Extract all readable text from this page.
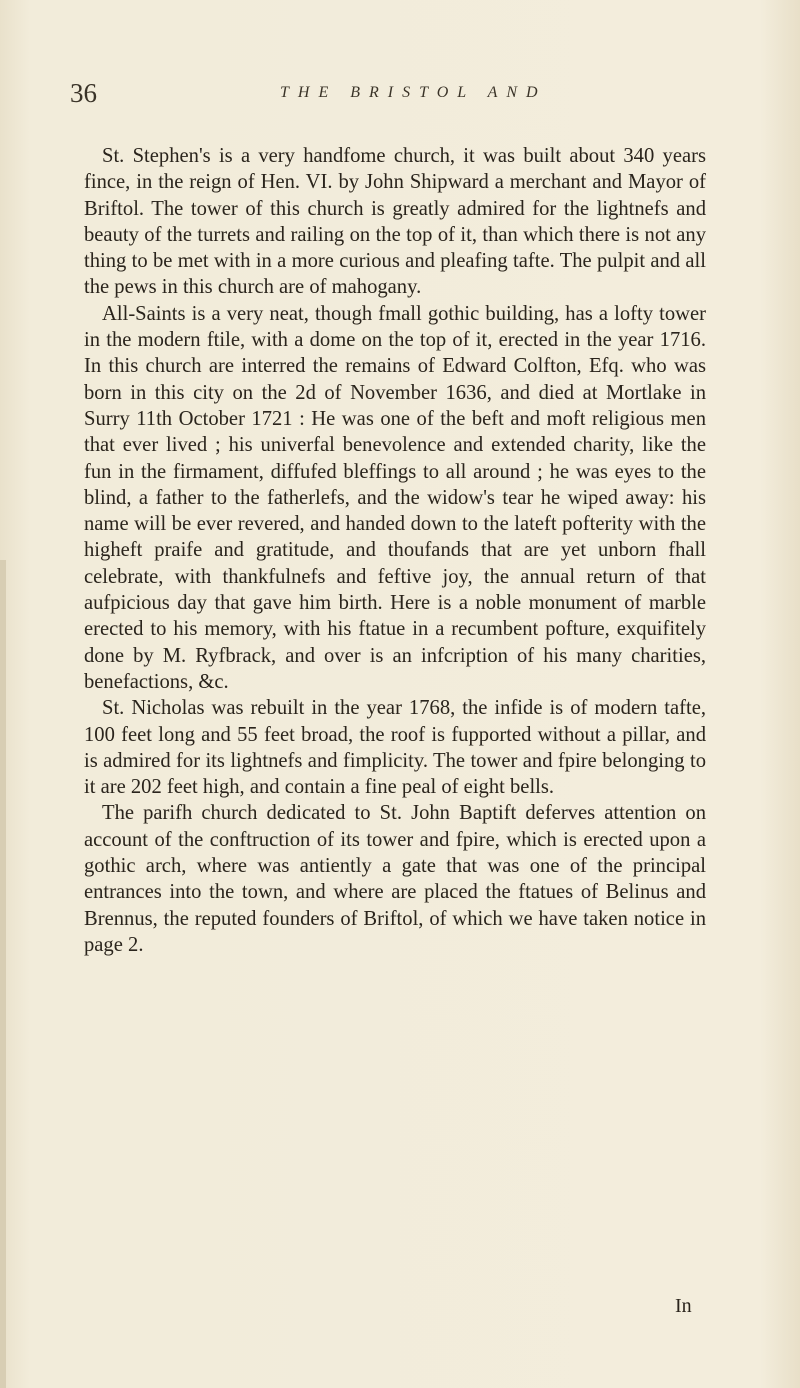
36	THE BRISTOL AND

St. Stephen's is a very handfome church, it was built about 340 years fince, in the reign of Hen. VI. by John Shipward a merchant and Mayor of Briftol. The tower of this church is greatly admired for the lightnefs and beauty of the turrets and railing on the top of it, than which there is not any thing to be met with in a more curious and pleafing tafte. The pulpit and all the pews in this church are of mahogany.

All-Saints is a very neat, though fmall gothic building, has a lofty tower in the modern ftile, with a dome on the top of it, erected in the year 1716. In this church are interred the remains of Edward Colfton, Efq. who was born in this city on the 2d of November 1636, and died at Mortlake in Surry 11th October 1721 : He was one of the beft and moft religious men that ever lived ; his univerfal benevolence and extended charity, like the fun in the firmament, diffufed bleffings to all around ; he was eyes to the blind, a father to the fatherlefs, and the widow's tear he wiped away: his name will be ever revered, and handed down to the lateft pofterity with the higheft praife and gratitude, and thoufands that are yet unborn fhall celebrate, with thankfulnefs and feftive joy, the annual return of that aufpicious day that gave him birth. Here is a noble monument of marble erected to his memory, with his ftatue in a recumbent pofture, exquifitely done by M. Ryfbrack, and over is an infcription of his many charities, benefactions, &c.

St. Nicholas was rebuilt in the year 1768, the infide is of modern tafte, 100 feet long and 55 feet broad, the roof is fupported without a pillar, and is admired for its lightnefs and fimplicity. The tower and fpire belonging to it are 202 feet high, and contain a fine peal of eight bells.

The parifh church dedicated to St. John Baptift deferves attention on account of the conftruction of its tower and fpire, which is erected upon a gothic arch, where was antiently a gate that was one of the principal entrances into the town, and where are placed the ftatues of Belinus and Brennus, the reputed founders of Briftol, of which we have taken notice in page 2.

In
